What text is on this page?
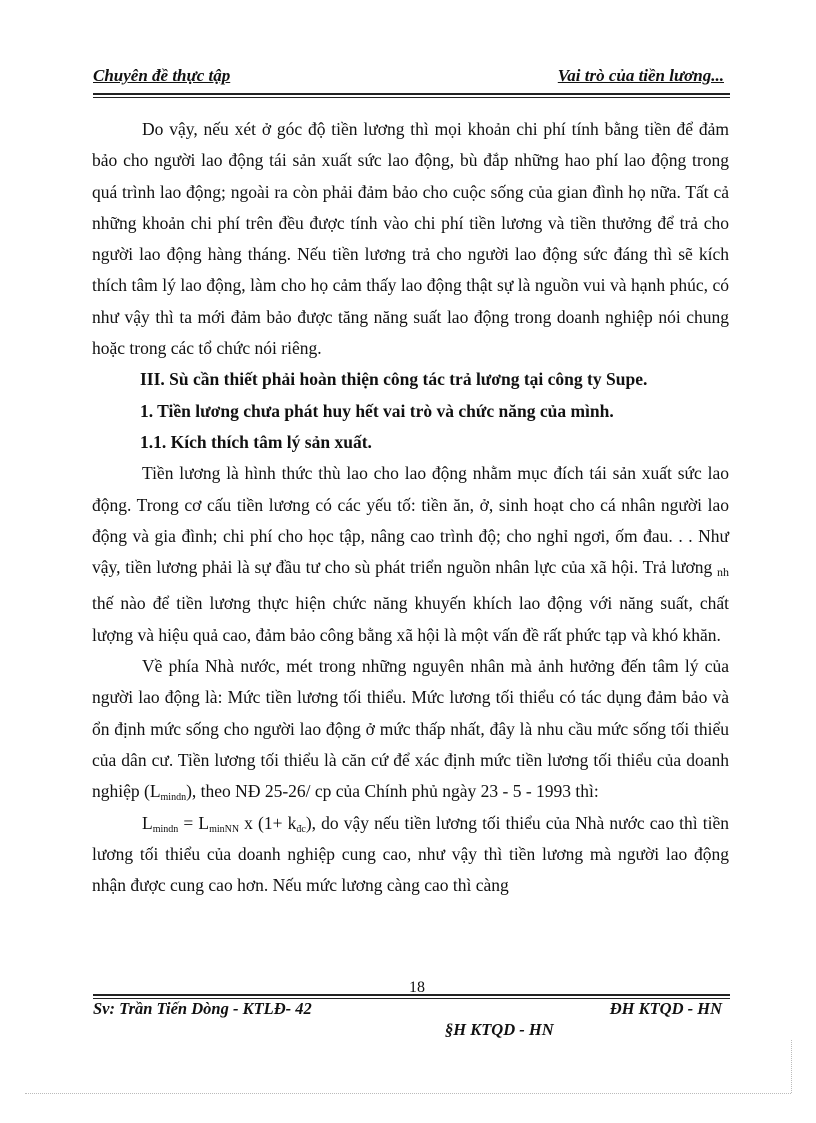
Chuyên đề thực tập	Vai trò của tiền lương...

Do vậy, nếu xét ở góc độ tiền lương thì mọi khoản chi phí tính bằng tiền để đảm bảo cho người lao động tái sản xuất sức lao động, bù đắp những hao phí lao động trong quá trình lao động; ngoài ra còn phải đảm bảo cho cuộc sống của gian đình họ nữa. Tất cả những khoản chi phí trên đều được tính vào chi phí tiền lương và tiền thưởng để trả cho người lao động hàng tháng. Nếu tiền lương trả cho người lao động sức đáng thì sẽ kích thích tâm lý lao động, làm cho họ cảm thấy lao động thật sự là nguồn vui và hạnh phúc, có như vậy thì ta mới đảm bảo được tăng năng suất lao động trong doanh nghiệp nói chung hoặc trong các tổ chức nói riêng.

III. Sù cần thiết phải hoàn thiện công tác trả lương tại công ty Supe.

1. Tiền lương chưa phát huy hết vai trò và chức năng của mình.

1.1. Kích thích tâm lý sản xuất.

Tiền lương là hình thức thù lao cho lao động nhằm mục đích tái sản xuất sức lao động. Trong cơ cấu tiền lương có các yếu tố: tiền ăn, ở, sinh hoạt cho cá nhân người lao động và gia đình; chi phí cho học tập, nâng cao trình độ; cho nghỉ ngơi, ốm đau. . . Như vậy, tiền lương phải là sự đầu tư cho sù phát triển nguồn nhân lực của xã hội. Trả lương nh thế nào để tiền lương thực hiện chức năng khuyến khích lao động với năng suất, chất lượng và hiệu quả cao, đảm bảo công bằng xã hội là một vấn đề rất phức tạp và khó khăn.

Về phía Nhà nước, mét trong những nguyên nhân mà ảnh hưởng đến tâm lý của người lao động là: Mức tiền lương tối thiểu. Mức lương tối thiểu có tác dụng đảm bảo và ổn định mức sống cho người lao động ở mức thấp nhất, đây là nhu cầu mức sống tối thiểu của dân cư. Tiền lương tối thiểu là căn cứ để xác định mức tiền lương tối thiểu của doanh nghiệp $(L_{mindn})$, theo NĐ 25-26/ cp của Chính phủ ngày 23 - 5 - 1993 thì:

$L_{mindn} = L_{minNN}$ x $(1+ k_{đc})$, do vậy nếu tiền lương tối thiểu của Nhà nước cao thì tiền lương tối thiểu của doanh nghiệp cung cao, như vậy thì tiền lương mà người lao động nhận được cung cao hơn. Nếu mức lương càng cao thì càng

18
Sv: Trần Tiến Dòng - KTLĐ- 42	ĐH KTQD - HN
§H KTQD - HN
